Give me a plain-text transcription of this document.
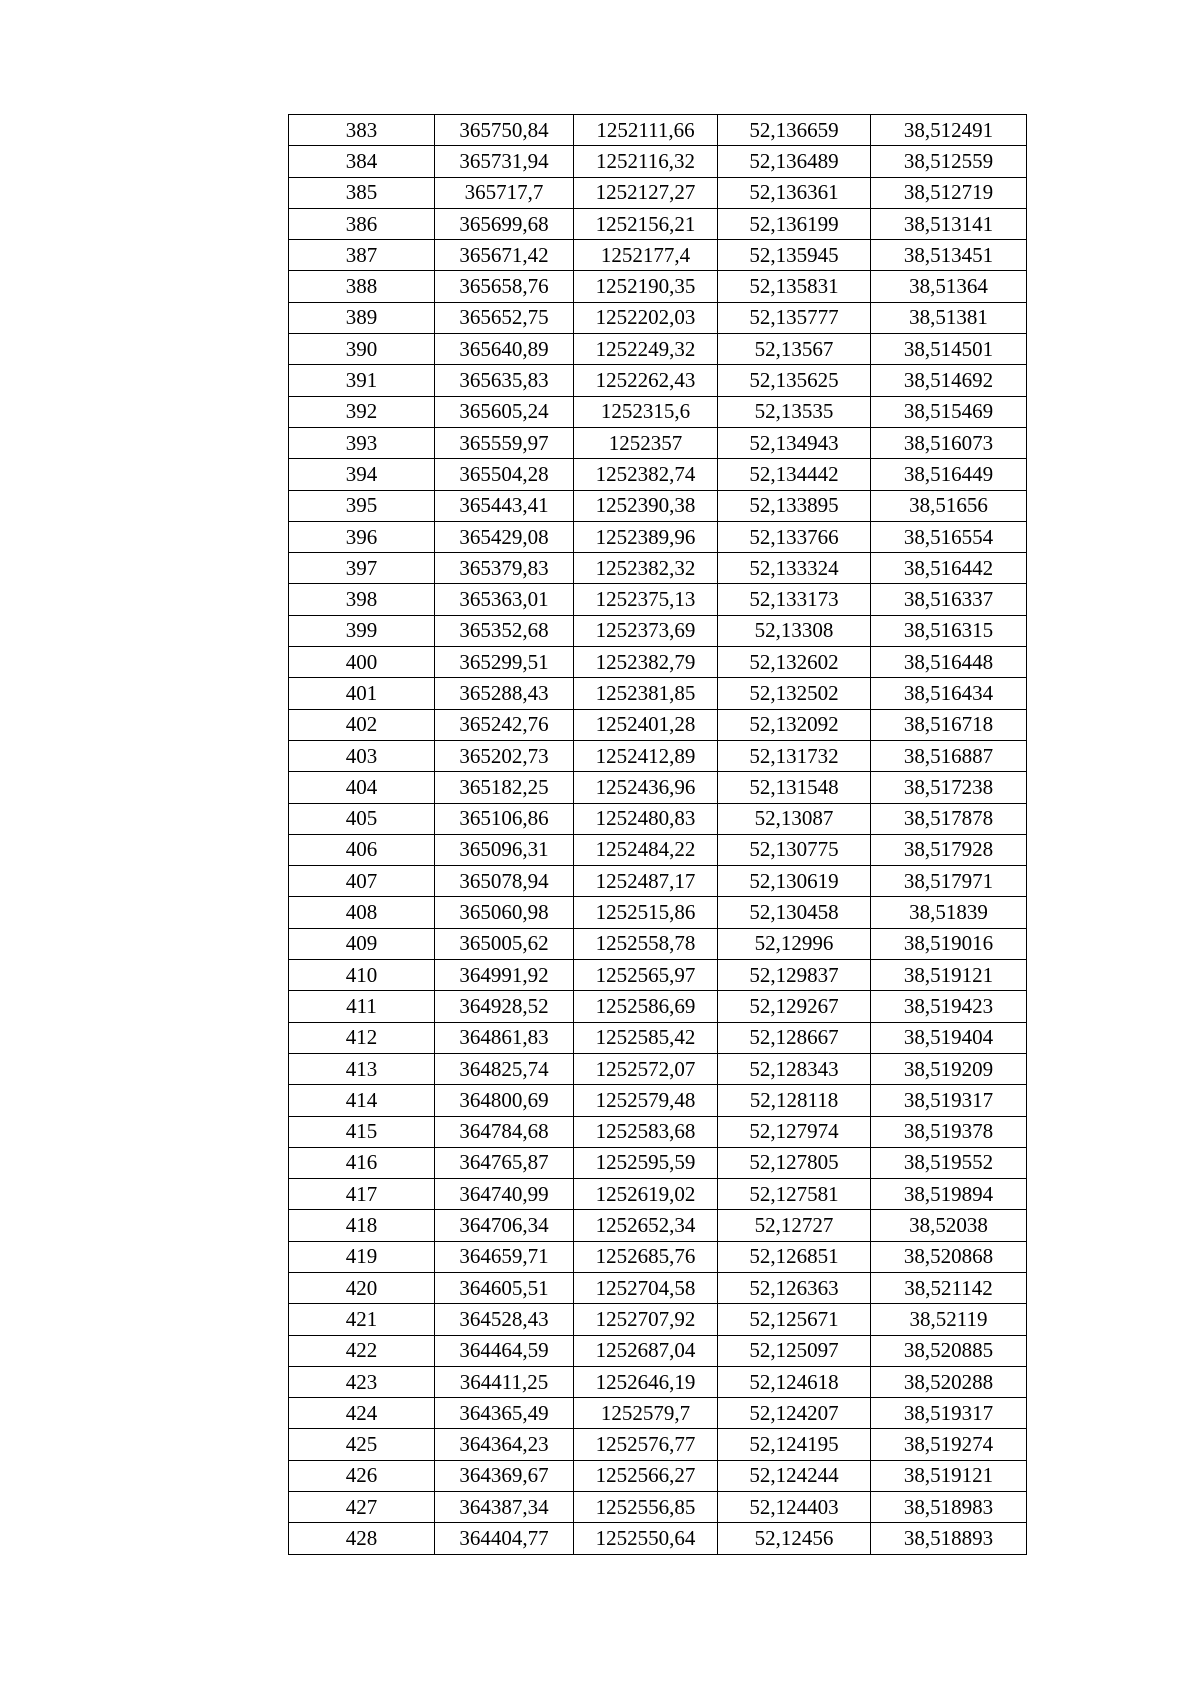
383	365750,84	1252111,66	52,136659	38,512491
384	365731,94	1252116,32	52,136489	38,512559
385	365717,7	1252127,27	52,136361	38,512719
386	365699,68	1252156,21	52,136199	38,513141
387	365671,42	1252177,4	52,135945	38,513451
388	365658,76	1252190,35	52,135831	38,51364
389	365652,75	1252202,03	52,135777	38,51381
390	365640,89	1252249,32	52,13567	38,514501
391	365635,83	1252262,43	52,135625	38,514692
392	365605,24	1252315,6	52,13535	38,515469
393	365559,97	1252357	52,134943	38,516073
394	365504,28	1252382,74	52,134442	38,516449
395	365443,41	1252390,38	52,133895	38,51656
396	365429,08	1252389,96	52,133766	38,516554
397	365379,83	1252382,32	52,133324	38,516442
398	365363,01	1252375,13	52,133173	38,516337
399	365352,68	1252373,69	52,13308	38,516315
400	365299,51	1252382,79	52,132602	38,516448
401	365288,43	1252381,85	52,132502	38,516434
402	365242,76	1252401,28	52,132092	38,516718
403	365202,73	1252412,89	52,131732	38,516887
404	365182,25	1252436,96	52,131548	38,517238
405	365106,86	1252480,83	52,13087	38,517878
406	365096,31	1252484,22	52,130775	38,517928
407	365078,94	1252487,17	52,130619	38,517971
408	365060,98	1252515,86	52,130458	38,51839
409	365005,62	1252558,78	52,12996	38,519016
410	364991,92	1252565,97	52,129837	38,519121
411	364928,52	1252586,69	52,129267	38,519423
412	364861,83	1252585,42	52,128667	38,519404
413	364825,74	1252572,07	52,128343	38,519209
414	364800,69	1252579,48	52,128118	38,519317
415	364784,68	1252583,68	52,127974	38,519378
416	364765,87	1252595,59	52,127805	38,519552
417	364740,99	1252619,02	52,127581	38,519894
418	364706,34	1252652,34	52,12727	38,52038
419	364659,71	1252685,76	52,126851	38,520868
420	364605,51	1252704,58	52,126363	38,521142
421	364528,43	1252707,92	52,125671	38,52119
422	364464,59	1252687,04	52,125097	38,520885
423	364411,25	1252646,19	52,124618	38,520288
424	364365,49	1252579,7	52,124207	38,519317
425	364364,23	1252576,77	52,124195	38,519274
426	364369,67	1252566,27	52,124244	38,519121
427	364387,34	1252556,85	52,124403	38,518983
428	364404,77	1252550,64	52,12456	38,518893
